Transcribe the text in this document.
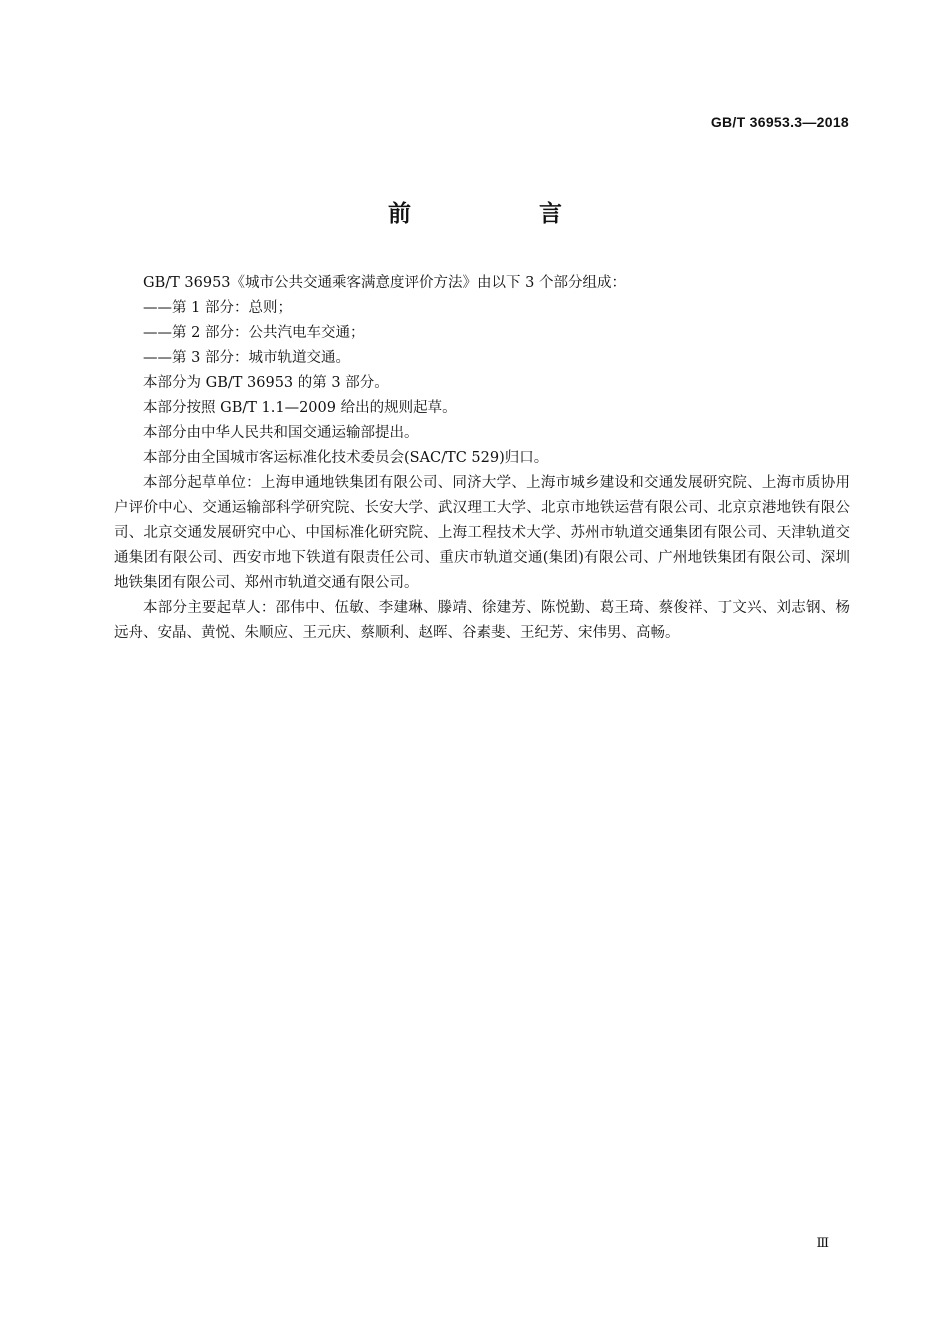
GB/T 36953.3—2018
前 言

GB/T 36953《城市公共交通乘客满意度评价方法》由以下 3 个部分组成：

——第 1 部分：总则；

——第 2 部分：公共汽电车交通；

——第 3 部分：城市轨道交通。

本部分为 GB/T 36953 的第 3 部分。

本部分按照 GB/T 1.1—2009 给出的规则起草。

本部分由中华人民共和国交通运输部提出。

本部分由全国城市客运标准化技术委员会(SAC/TC 529)归口。

本部分起草单位：上海申通地铁集团有限公司、同济大学、上海市城乡建设和交通发展研究院、上海市质协用户评价中心、交通运输部科学研究院、长安大学、武汉理工大学、北京市地铁运营有限公司、北京京港地铁有限公司、北京交通发展研究中心、中国标准化研究院、上海工程技术大学、苏州市轨道交通集团有限公司、天津轨道交通集团有限公司、西安市地下铁道有限责任公司、重庆市轨道交通(集团)有限公司、广州地铁集团有限公司、深圳地铁集团有限公司、郑州市轨道交通有限公司。

本部分主要起草人：邵伟中、伍敏、李建琳、滕靖、徐建芳、陈悦勤、葛王琦、蔡俊祥、丁文兴、刘志钢、杨远舟、安晶、黄悦、朱顺应、王元庆、蔡顺利、赵晖、谷素斐、王纪芳、宋伟男、高畅。

Ⅲ
